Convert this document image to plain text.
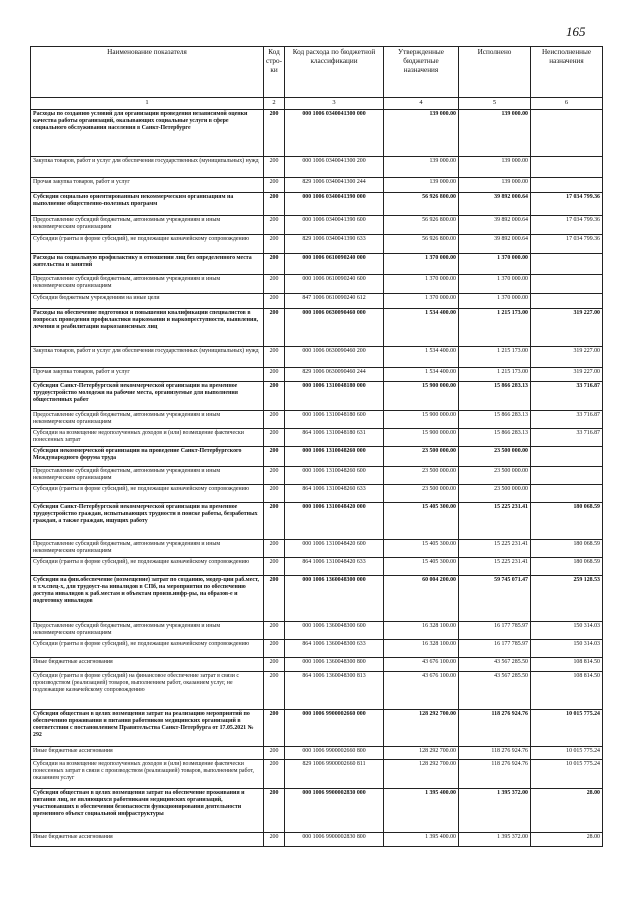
165
Наименование показателя	Код стро-ки	Код расхода по бюджетной классификации	Утвержденные бюджетные назначения	Исполнено	Неисполненные назначения
1	2	3	4	5	6
Расходы по созданию условий для организации проведения независимой оценки качества работы организаций, оказывающих социальные услуги в сфере социального обслуживания населения в Санкт-Петербурге	200	000 1006 0340041300 000	139 000.00	139 000.00	
Закупка товаров, работ и услуг для обеспечения государственных (муниципальных) нужд	200	000 1006 0340041300 200	139 000.00	139 000.00	
Прочая закупка товаров, работ и услуг	200	829 1006 0340041300 244	139 000.00	139 000.00	
Субсидии социально ориентированным некоммерческим организациям на выполнение общественно-полезных программ	200	000 1006 0340041390 000	56 926 800.00	39 892 000.64	17 034 799.36
Предоставление субсидий бюджетным, автономным учреждениям и иным некоммерческим организациям	200	000 1006 0340041390 600	56 926 800.00	39 892 000.64	17 034 799.36
Субсидии (гранты в форме субсидий), не подлежащие казначейскому сопровождению	200	829 1006 0340041390 633	56 926 800.00	39 892 000.64	17 034 799.36
Расходы на социальную профилактику в отношении лиц без определенного места жительства и занятий	200	000 1006 0610090240 000	1 370 000.00	1 370 000.00	
Предоставление субсидий бюджетным, автономным учреждениям и иным некоммерческим организациям	200	000 1006 0610090240 600	1 370 000.00	1 370 000.00	
Субсидии бюджетным учреждениям на иные цели	200	847 1006 0610090240 612	1 370 000.00	1 370 000.00	
Расходы на обеспечение подготовки и повышения квалификации специалистов в вопросах проведения профилактики наркомании и наркопреступности, выявления, лечения и реабилитации наркозависимых лиц	200	000 1006 0630090460 000	1 534 400.00	1 215 173.00	319 227.00
Закупка товаров, работ и услуг для обеспечения государственных (муниципальных) нужд	200	000 1006 0630090460 200	1 534 400.00	1 215 173.00	319 227.00
Прочая закупка товаров, работ и услуг	200	829 1006 0630090460 244	1 534 400.00	1 215 173.00	319 227.00
Субсидия Санкт-Петербургской некоммерческой организации на временное трудоустройство молодежи на рабочие места, организуемые для выполнения общественных работ	200	000 1006 1310048180 000	15 900 000.00	15 866 283.13	33 716.87
Предоставление субсидий бюджетным, автономным учреждениям и иным некоммерческим организациям	200	000 1006 1310048180 600	15 900 000.00	15 866 283.13	33 716.87
Субсидии на возмещение недополученных доходов и (или) возмещение фактически понесенных затрат	200	864 1006 1310048180 631	15 900 000.00	15 866 283.13	33 716.87
Субсидия некоммерческой организации на проведение Санкт-Петербургского Международного форума труда	200	000 1006 1310048260 000	23 500 000.00	23 500 000.00	
Предоставление субсидий бюджетным, автономным учреждениям и иным некоммерческим организациям	200	000 1006 1310048260 600	23 500 000.00	23 500 000.00	
Субсидии (гранты в форме субсидий), не подлежащие казначейскому сопровождению	200	864 1006 1310048260 633	23 500 000.00	23 500 000.00	
Субсидия Санкт-Петербургской некоммерческой организации на временное трудоустройство граждан, испытывающих трудности в поиске работы, безработных граждан, а также граждан, ищущих работу	200	000 1006 1310048420 000	15 405 300.00	15 225 231.41	180 068.59
Предоставление субсидий бюджетным, автономным учреждениям и иным некоммерческим организациям	200	000 1006 1310048420 600	15 405 300.00	15 225 231.41	180 068.59
Субсидии (гранты в форме субсидий), не подлежащие казначейскому сопровождению	200	864 1006 1310048420 633	15 405 300.00	15 225 231.41	180 068.59
Субсидии на фин.обеспечение (возмещение) затрат по созданию, модер-ции раб.мест, в т.ч.спец-х, для трудоуст-ва инвалидов в СПб, на мероприятия по обеспечению доступа инвалидов к раб.местам и объектам произв.инфр-ры, на образов-е и подготовку инвалидов	200	000 1006 1360048300 000	60 004 200.00	59 745 071.47	259 128.53
Предоставление субсидий бюджетным, автономным учреждениям и иным некоммерческим организациям	200	000 1006 1360048300 600	16 328 100.00	16 177 785.97	150 314.03
Субсидии (гранты в форме субсидий), не подлежащие казначейскому сопровождению	200	864 1006 1360048300 633	16 328 100.00	16 177 785.97	150 314.03
Иные бюджетные ассигнования	200	000 1006 1360048300 800	43 676 100.00	43 567 285.50	108 814.50
Субсидии (гранты в форме субсидий) на финансовое обеспечение затрат в связи с производством (реализацией) товаров, выполнением работ, оказанием услуг, не подлежащие казначейскому сопровождению	200	864 1006 1360048300 813	43 676 100.00	43 567 285.50	108 814.50
Субсидия обществам в целях возмещения затрат на реализацию мероприятий по обеспечению проживания и питания работников медицинских организаций в соответствии с постановлением Правительства Санкт-Петербурга от 17.05.2021 № 292	200	000 1006 9900002660 000	128 292 700.00	118 276 924.76	10 015 775.24
Иные бюджетные ассигнования	200	000 1006 9900002660 800	128 292 700.00	118 276 924.76	10 015 775.24
Субсидии на возмещение недополученных доходов и (или) возмещение фактически понесенных затрат в связи с производством (реализацией) товаров, выполнением работ, оказанием услуг	200	829 1006 9900002660 811	128 292 700.00	118 276 924.76	10 015 775.24
Субсидия обществам в целях возмещения затрат на обеспечение проживания и питания лиц, не являющихся работниками медицинских организаций, участвовавших в обеспечении безопасности функционирования деятельности временного объект социальной инфраструктуры	200	000 1006 9900002830 000	1 395 400.00	1 395 372.00	28.00
Иные бюджетные ассигнования	200	000 1006 9900002830 800	1 395 400.00	1 395 372.00	28.00
